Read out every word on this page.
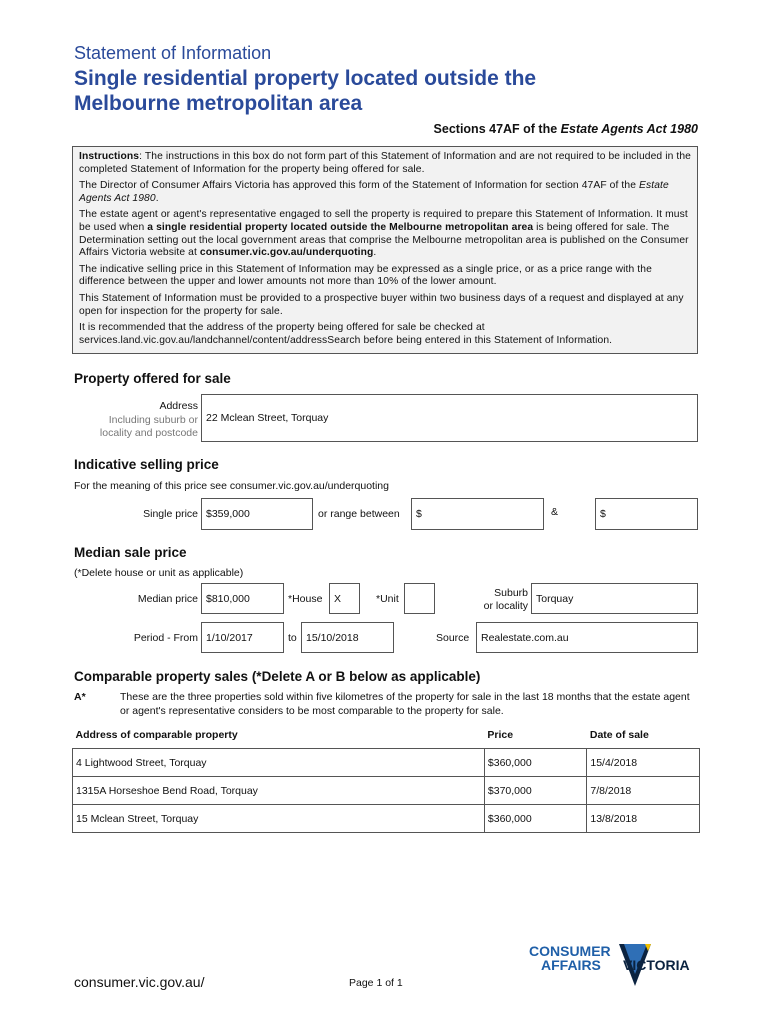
Statement of Information
Single residential property located outside the
Melbourne metropolitan area
Sections 47AF of the Estate Agents Act 1980

Instructions: The instructions in this box do not form part of this Statement of Information and are not required to be included in the completed Statement of Information for the property being offered for sale.

The Director of Consumer Affairs Victoria has approved this form of the Statement of Information for section 47AF of the Estate Agents Act 1980.

The estate agent or agent's representative engaged to sell the property is required to prepare this Statement of Information. It must be used when a single residential property located outside the Melbourne metropolitan area is being offered for sale. The Determination setting out the local government areas that comprise the Melbourne metropolitan area is published on the Consumer Affairs Victoria website at consumer.vic.gov.au/underquoting.

The indicative selling price in this Statement of Information may be expressed as a single price, or as a price range with the difference between the upper and lower amounts not more than 10% of the lower amount.

This Statement of Information must be provided to a prospective buyer within two business days of a request and displayed at any open for inspection for the property for sale.

It is recommended that the address of the property being offered for sale be checked at services.land.vic.gov.au/landchannel/content/addressSearch before being entered in this Statement of Information.

Property offered for sale
Address
Including suburb or
locality and postcode
22 Mclean Street, Torquay
Indicative selling price
For the meaning of this price see consumer.vic.gov.au/underquoting
Single price $359,000	or range between $	&	$
Median sale price
(*Delete house or unit as applicable)
Median price $810,000	*House X	*Unit	Suburb
or locality
Torquay
Period - From 1/10/2017	to 15/10/2018	Source Realestate.com.au
Comparable property sales (*Delete A or B below as applicable)
A*	These are the three properties sold within five kilometres of the property for sale in the last 18 months that the estate agent or agent's representative considers to be most comparable to the property for sale.
Address of comparable property	Price	Date of sale
4 Lightwood Street, Torquay	$360,000	15/4/2018
1315A Horseshoe Bend Road, Torquay	$370,000	7/8/2018
15 Mclean Street, Torquay	$360,000	13/8/2018
consumer.vic.gov.au/	Page 1 of 1
CONSUMER
AFFAIRS VICTORIA
